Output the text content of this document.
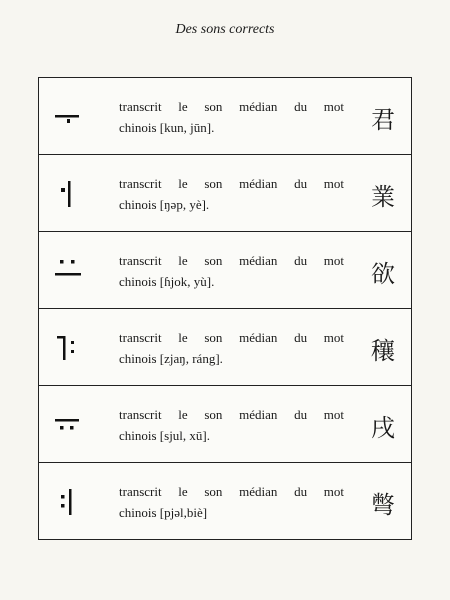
Des sons corrects
transcrit le son médian du mot
chinois [kun, jūn].	君
transcrit le son médian du mot
chinois [ŋəp, yè].	業
transcrit le son médian du mot
chinois [ɦjok, yù].	欲
transcrit le son médian du mot
chinois [zjaŋ, ráng].	穰
transcrit le son médian du mot
chinois [sjul, xū].	戌
transcrit le son médian du mot
chinois [pjəl,biè]	彆
